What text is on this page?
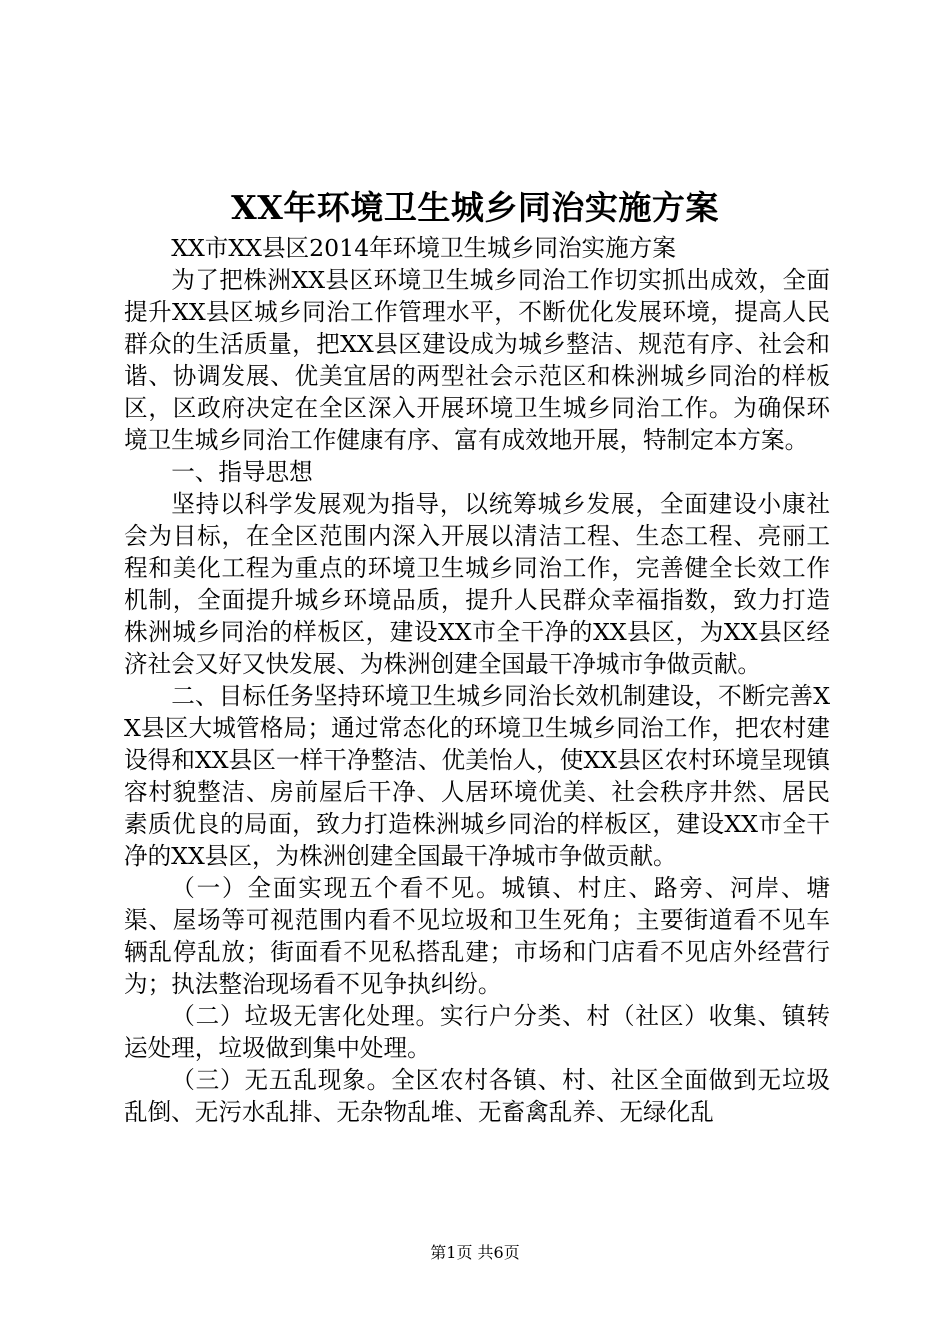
XX年环境卫生城乡同治实施方案

XX市XX县区2014年环境卫生城乡同治实施方案

为了把株洲XX县区环境卫生城乡同治工作切实抓出成效，全面提升XX县区城乡同治工作管理水平，不断优化发展环境，提高人民群众的生活质量，把XX县区建设成为城乡整洁、规范有序、社会和谐、协调发展、优美宜居的两型社会示范区和株洲城乡同治的样板区，区政府决定在全区深入开展环境卫生城乡同治工作。为确保环境卫生城乡同治工作健康有序、富有成效地开展，特制定本方案。

一、指导思想

坚持以科学发展观为指导，以统筹城乡发展，全面建设小康社会为目标，在全区范围内深入开展以清洁工程、生态工程、亮丽工程和美化工程为重点的环境卫生城乡同治工作，完善健全长效工作机制，全面提升城乡环境品质，提升人民群众幸福指数，致力打造株洲城乡同治的样板区，建设XX市全干净的XX县区，为XX县区经济社会又好又快发展、为株洲创建全国最干净城市争做贡献。

二、目标任务坚持环境卫生城乡同治长效机制建设，不断完善XX县区大城管格局；通过常态化的环境卫生城乡同治工作，把农村建设得和XX县区一样干净整洁、优美怡人，使XX县区农村环境呈现镇容村貌整洁、房前屋后干净、人居环境优美、社会秩序井然、居民素质优良的局面，致力打造株洲城乡同治的样板区，建设XX市全干净的XX县区，为株洲创建全国最干净城市争做贡献。

（一）全面实现五个看不见。城镇、村庄、路旁、河岸、塘渠、屋场等可视范围内看不见垃圾和卫生死角；主要街道看不见车辆乱停乱放；街面看不见私搭乱建；市场和门店看不见店外经营行为；执法整治现场看不见争执纠纷。

（二）垃圾无害化处理。实行户分类、村（社区）收集、镇转运处理，垃圾做到集中处理。

（三）无五乱现象。全区农村各镇、村、社区全面做到无垃圾乱倒、无污水乱排、无杂物乱堆、无畜禽乱养、无绿化乱

第1页 共6页
